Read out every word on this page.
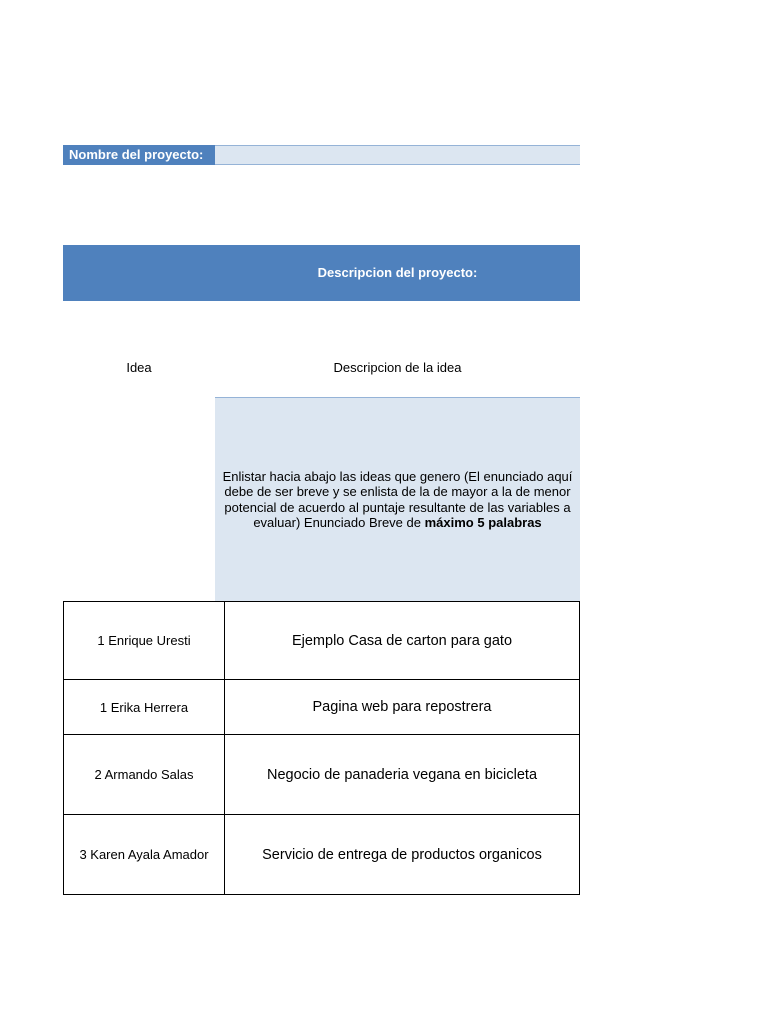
Nombre del proyecto:
Descripcion del proyecto:
Idea	Descripcion de la idea

Enlistar hacia abajo las ideas que genero (El enunciado aquí debe de ser breve y se enlista de la de mayor a la de menor potencial de acuerdo al puntaje resultante de las variables a evaluar) Enunciado Breve de máximo 5 palabras

1 Enrique Uresti	Ejemplo Casa de carton para gato
1 Erika Herrera	Pagina web para repostrera
2 Armando Salas	Negocio de panaderia vegana en bicicleta
3 Karen Ayala Amador	Servicio de entrega de productos organicos
